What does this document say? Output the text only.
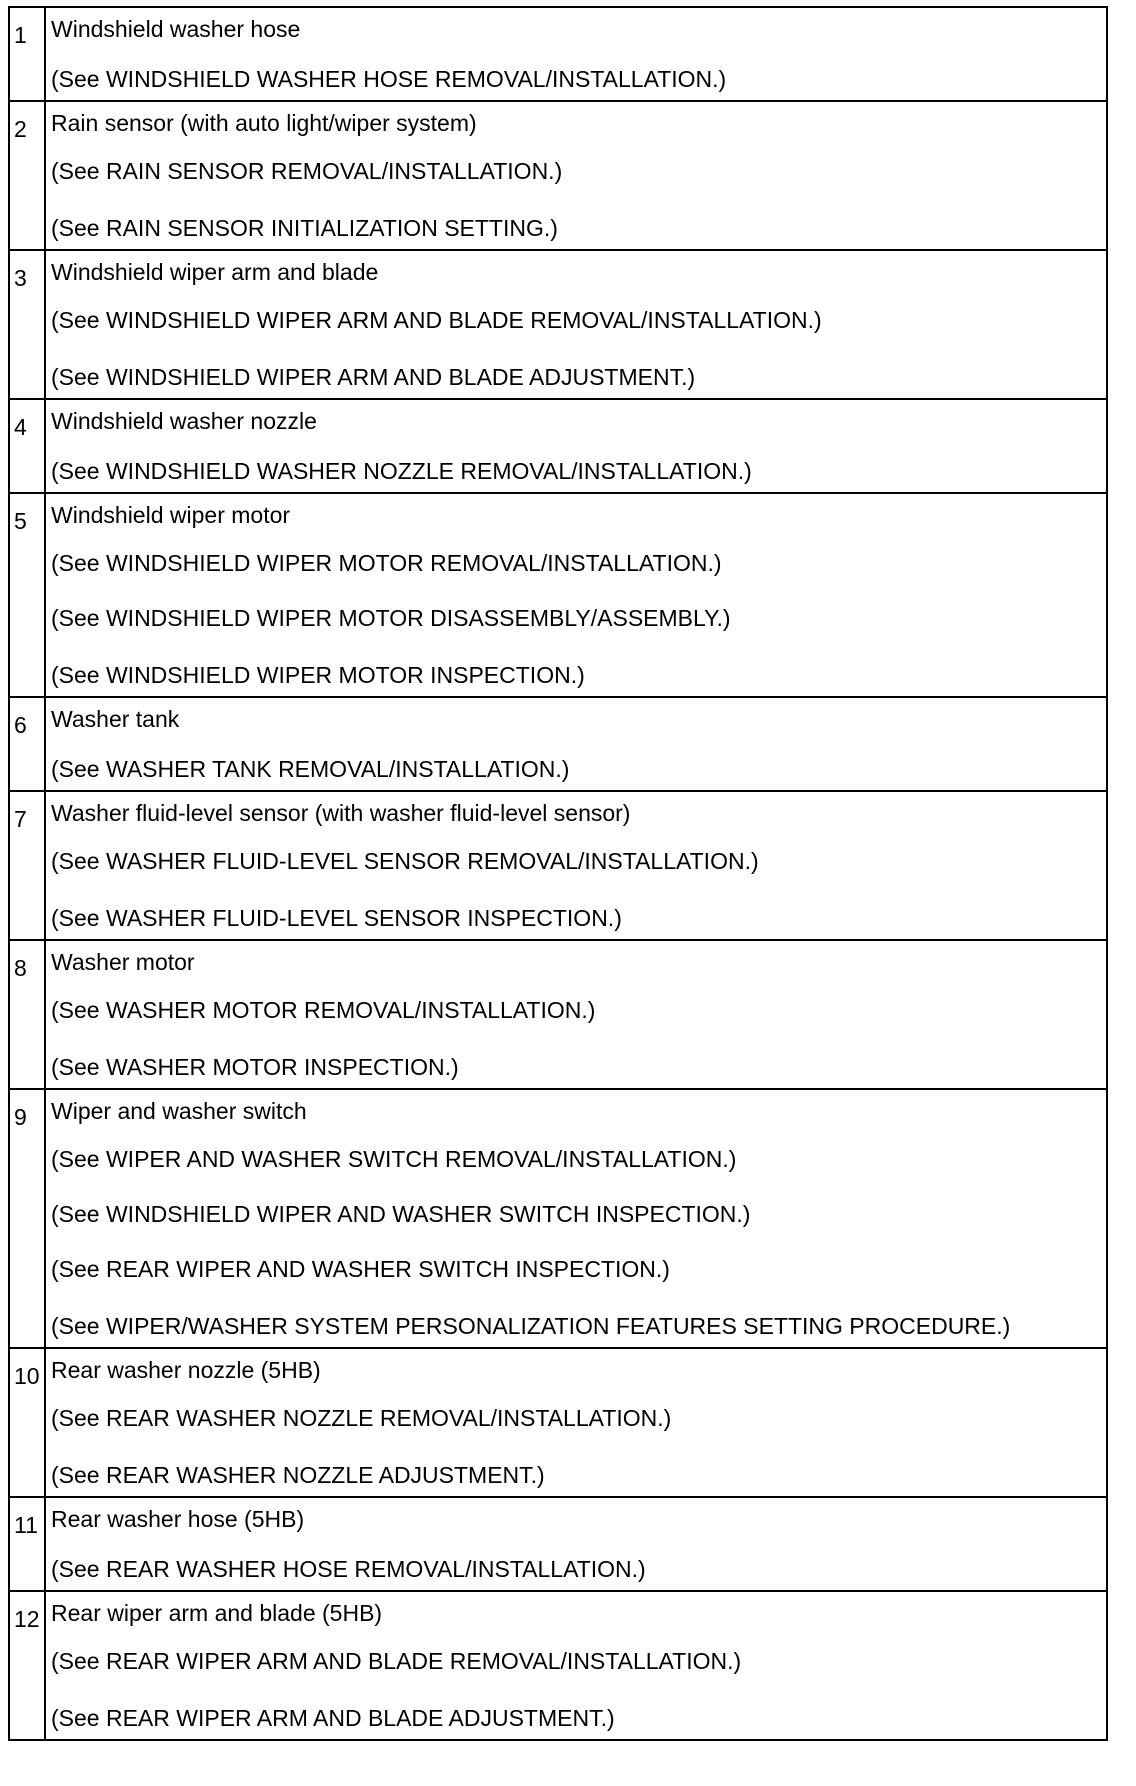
1	Windshield washer hose
(See WINDSHIELD WASHER HOSE REMOVAL/INSTALLATION.)

2	Rain sensor (with auto light/wiper system)
(See RAIN SENSOR REMOVAL/INSTALLATION.)
(See RAIN SENSOR INITIALIZATION SETTING.)

3	Windshield wiper arm and blade
(See WINDSHIELD WIPER ARM AND BLADE REMOVAL/INSTALLATION.)
(See WINDSHIELD WIPER ARM AND BLADE ADJUSTMENT.)

4	Windshield washer nozzle
(See WINDSHIELD WASHER NOZZLE REMOVAL/INSTALLATION.)

5	Windshield wiper motor
(See WINDSHIELD WIPER MOTOR REMOVAL/INSTALLATION.)
(See WINDSHIELD WIPER MOTOR DISASSEMBLY/ASSEMBLY.)
(See WINDSHIELD WIPER MOTOR INSPECTION.)

6	Washer tank
(See WASHER TANK REMOVAL/INSTALLATION.)

7	Washer fluid-level sensor (with washer fluid-level sensor)
(See WASHER FLUID-LEVEL SENSOR REMOVAL/INSTALLATION.)
(See WASHER FLUID-LEVEL SENSOR INSPECTION.)

8	Washer motor
(See WASHER MOTOR REMOVAL/INSTALLATION.)
(See WASHER MOTOR INSPECTION.)

9	Wiper and washer switch
(See WIPER AND WASHER SWITCH REMOVAL/INSTALLATION.)
(See WINDSHIELD WIPER AND WASHER SWITCH INSPECTION.)
(See REAR WIPER AND WASHER SWITCH INSPECTION.)
(See WIPER/WASHER SYSTEM PERSONALIZATION FEATURES SETTING PROCEDURE.)

10	Rear washer nozzle (5HB)
(See REAR WASHER NOZZLE REMOVAL/INSTALLATION.)
(See REAR WASHER NOZZLE ADJUSTMENT.)

11	Rear washer hose (5HB)
(See REAR WASHER HOSE REMOVAL/INSTALLATION.)

12	Rear wiper arm and blade (5HB)
(See REAR WIPER ARM AND BLADE REMOVAL/INSTALLATION.)
(See REAR WIPER ARM AND BLADE ADJUSTMENT.)
